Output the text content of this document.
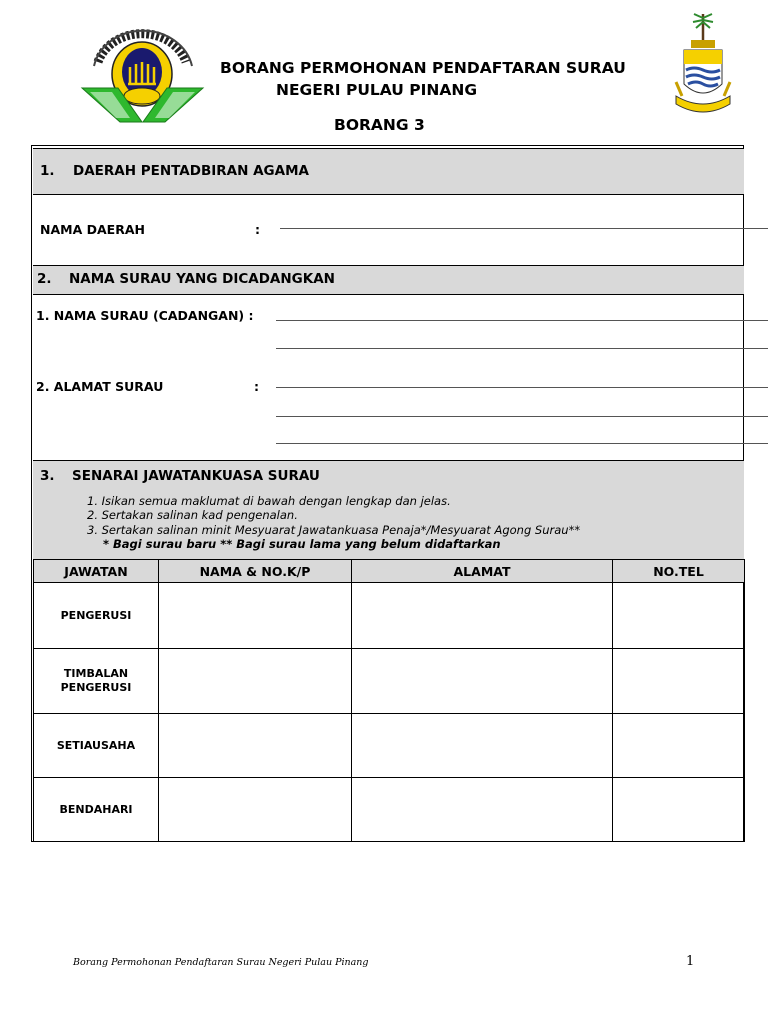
BORANG PERMOHONAN PENDAFTARAN SURAU
NEGERI PULAU PINANG
BORANG 3
1. DAERAH PENTADBIRAN AGAMA
NAMA DAERAH	:
2. NAMA SURAU YANG DICADANGKAN
1. NAMA SURAU (CADANGAN) :
2. ALAMAT SURAU	:
3. SENARAI JAWATANKUASA SURAU
1. Isikan semua maklumat di bawah dengan lengkap dan jelas.
2. Sertakan salinan kad pengenalan.
3. Sertakan salinan minit Mesyuarat Jawatankuasa Penaja*/Mesyuarat Agong Surau**
* Bagi surau baru ** Bagi surau lama yang belum didaftarkan
JAWATAN	NAMA & NO.K/P	ALAMAT	NO.TEL
PENGERUSI			
TIMBALAN PENGERUSI			
SETIAUSAHA			
BENDAHARI			
Borang Permohonan Pendaftaran Surau Negeri Pulau Pinang	1
